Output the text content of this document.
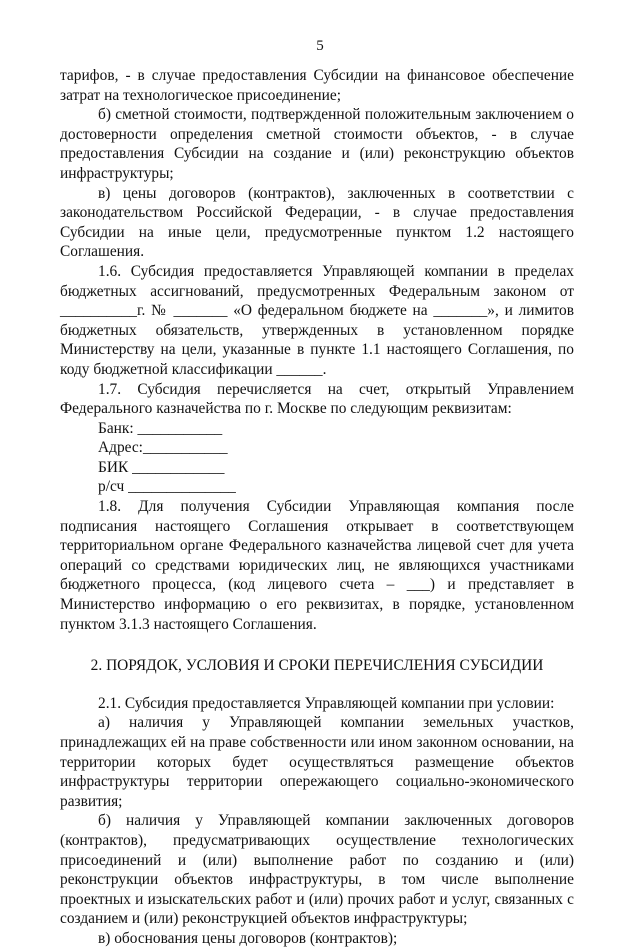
5

тарифов, - в случае предоставления Субсидии на финансовое обеспечение затрат на технологическое присоединение;

б) сметной стоимости, подтвержденной положительным заключением о достоверности определения сметной стоимости объектов, - в случае предоставления Субсидии на создание и (или) реконструкцию объектов инфраструктуры;

в) цены договоров (контрактов), заключенных в соответствии с законодательством Российской Федерации, - в случае предоставления Субсидии на иные цели, предусмотренные пунктом 1.2 настоящего Соглашения.

1.6. Субсидия предоставляется Управляющей компании в пределах бюджетных ассигнований, предусмотренных Федеральным законом от __________г. № _______ «О федеральном бюджете на _______», и лимитов бюджетных обязательств, утвержденных в установленном порядке Министерству на цели, указанные в пункте 1.1 настоящего Соглашения, по коду бюджетной классификации ______.

1.7. Субсидия перечисляется на счет, открытый Управлением Федерального казначейства по г. Москве по следующим реквизитам:

Банк: ___________

Адрес:___________

БИК ____________

р/сч ______________

1.8. Для получения Субсидии Управляющая компания после подписания настоящего Соглашения открывает в соответствующем территориальном органе Федерального казначейства лицевой счет для учета операций со средствами юридических лиц, не являющихся участниками бюджетного процесса, (код лицевого счета – ___) и представляет в Министерство информацию о его реквизитах, в порядке, установленном пунктом 3.1.3 настоящего Соглашения.

2. ПОРЯДОК, УСЛОВИЯ И СРОКИ ПЕРЕЧИСЛЕНИЯ СУБСИДИИ

2.1. Субсидия предоставляется Управляющей компании при условии:

а) наличия у Управляющей компании земельных участков, принадлежащих ей на праве собственности или ином законном основании, на территории которых будет осуществляться размещение объектов инфраструктуры территории опережающего социально-экономического развития;

б) наличия у Управляющей компании заключенных договоров (контрактов), предусматривающих осуществление технологических присоединений и (или) выполнение работ по созданию и (или) реконструкции объектов инфраструктуры, в том числе выполнение проектных и изыскательских работ и (или) прочих работ и услуг, связанных с созданием и (или) реконструкцией объектов инфраструктуры;

в) обоснования цены договоров (контрактов);
